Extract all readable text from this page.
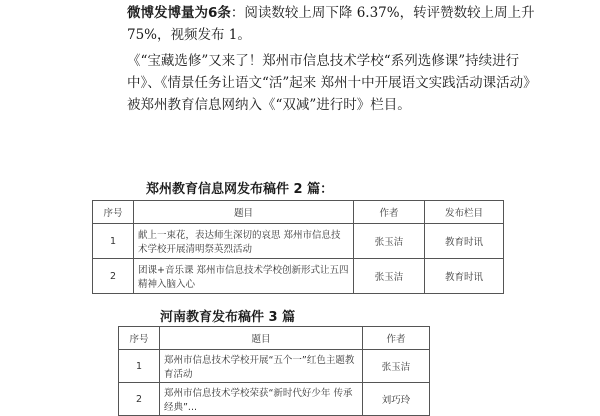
微博发博量为6条：阅读数较上周下降 6.37%，转评赞数较上周上升 75%，视频发布 1。

《“宝藏选修”又来了！郑州市信息技术学校“系列选修课”持续进行中》、《情景任务让语文“活”起来 郑州十中开展语文实践活动课活动》被郑州教育信息网纳入《“双减”进行时》栏目。

郑州教育信息网发布稿件 2 篇：
序号	题目	作者	发布栏目
1	献上一束花，表达师生深切的哀思 郑州市信息技术学校开展清明祭英烈活动	张玉洁	教育时讯
2	团课+音乐课 郑州市信息技术学校创新形式让五四精神入脑入心	张玉洁	教育时讯
河南教育发布稿件 3 篇
序号	题目	作者
1	郑州市信息技术学校开展“五个一”红色主题教育活动	张玉洁
2	郑州市信息技术学校荣获“新时代好少年 传承经典”...	刘巧玲
